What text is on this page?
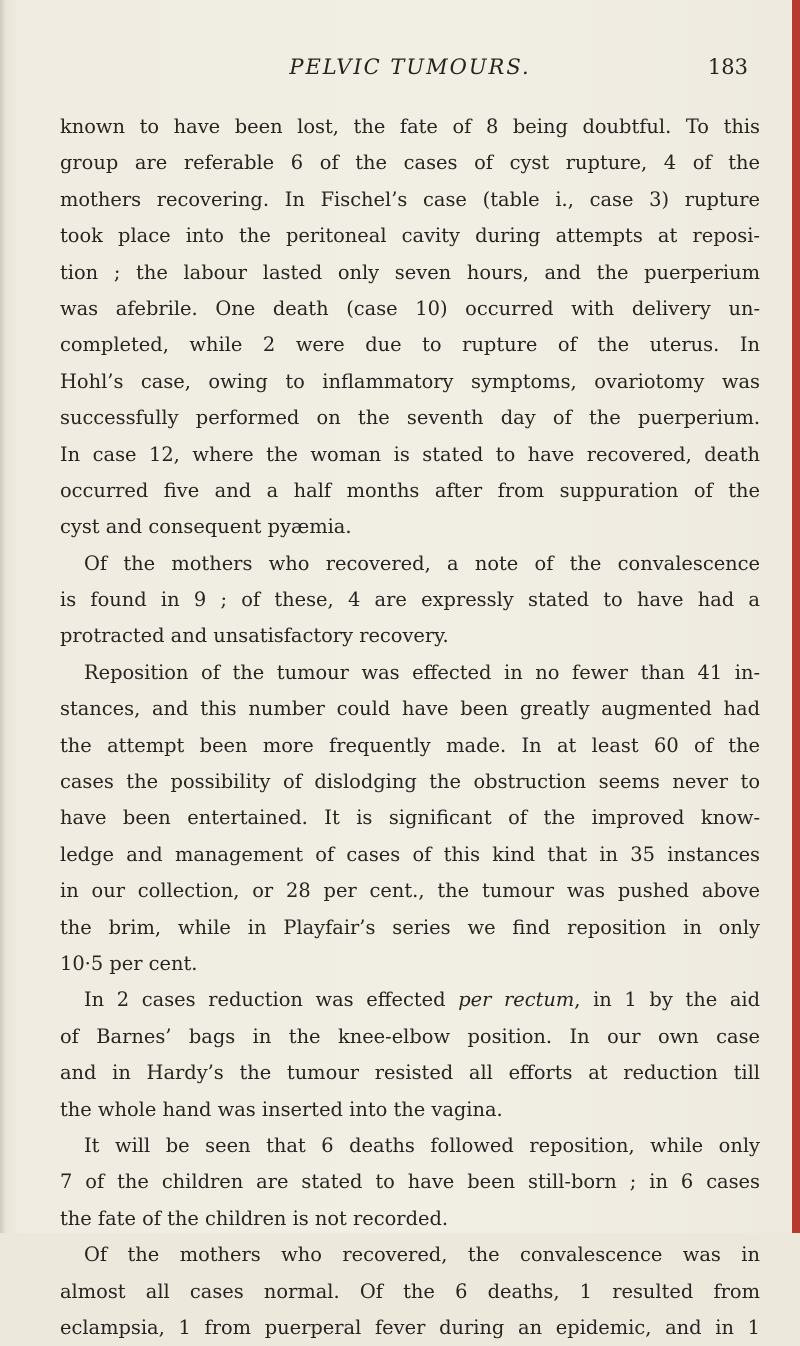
PELVIC TUMOURS.	183
known to have been lost, the fate of 8 being doubtful. To this
group are referable 6 of the cases of cyst rupture, 4 of the
mothers recovering. In Fischel’s case (table i., case 3) rupture
took place into the peritoneal cavity during attempts at reposi-
tion ; the labour lasted only seven hours, and the puerperium
was afebrile. One death (case 10) occurred with delivery un-
completed, while 2 were due to rupture of the uterus. In
Hohl’s case, owing to inflammatory symptoms, ovariotomy was
successfully performed on the seventh day of the puerperium.
In case 12, where the woman is stated to have recovered, death
occurred five and a half months after from suppuration of the
cyst and consequent pyæmia.
Of the mothers who recovered, a note of the convalescence
is found in 9 ; of these, 4 are expressly stated to have had a
protracted and unsatisfactory recovery.
Reposition of the tumour was effected in no fewer than 41 in-
stances, and this number could have been greatly augmented had
the attempt been more frequently made. In at least 60 of the
cases the possibility of dislodging the obstruction seems never to
have been entertained. It is significant of the improved know-
ledge and management of cases of this kind that in 35 instances
in our collection, or 28 per cent., the tumour was pushed above
the brim, while in Playfair’s series we find reposition in only
10·5 per cent.
In 2 cases reduction was effected per rectum, in 1 by the aid
of Barnes’ bags in the knee-elbow position. In our own case
and in Hardy’s the tumour resisted all efforts at reduction till
the whole hand was inserted into the vagina.
It will be seen that 6 deaths followed reposition, while only
7 of the children are stated to have been still-born ; in 6 cases
the fate of the children is not recorded.
Of the mothers who recovered, the convalescence was in
almost all cases normal. Of the 6 deaths, 1 resulted from
eclampsia, 1 from puerperal fever during an epidemic, and in 1
